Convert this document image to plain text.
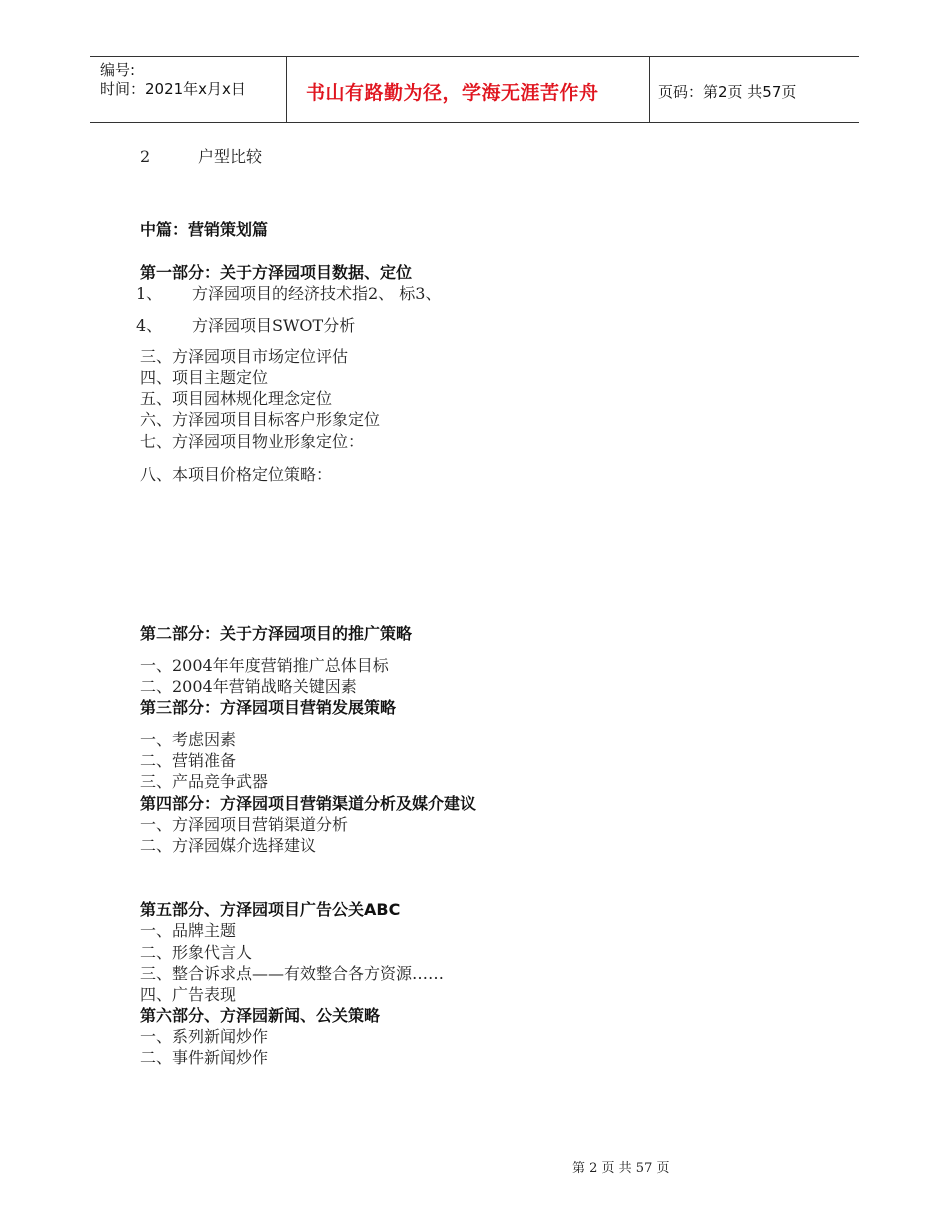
编号:
时间：2021年x月x日	书山有路勤为径，学海无涯苦作舟	页码：第2页 共57页
2	户型比较
中篇：营销策划篇
第一部分：关于方泽园项目数据、定位
1、 方泽园项目的经济技术指2、 标3、
4、 方泽园项目SWOT分析
三、方泽园项目市场定位评估
四、项目主题定位
五、项目园林规化理念定位
六、方泽园项目目标客户形象定位
七、方泽园项目物业形象定位：
八、本项目价格定位策略：
第二部分：关于方泽园项目的推广策略
一、2004年年度营销推广总体目标
二、2004年营销战略关键因素
第三部分：方泽园项目营销发展策略
一、考虑因素
二、营销准备
三、产品竞争武器
第四部分：方泽园项目营销渠道分析及媒介建议
一、方泽园项目营销渠道分析
二、方泽园媒介选择建议
第五部分、方泽园项目广告公关ABC
一、品牌主题
二、形象代言人
三、整合诉求点——有效整合各方资源……
四、广告表现
第六部分、方泽园新闻、公关策略
一、系列新闻炒作
二、事件新闻炒作
第 2 页 共 57 页
